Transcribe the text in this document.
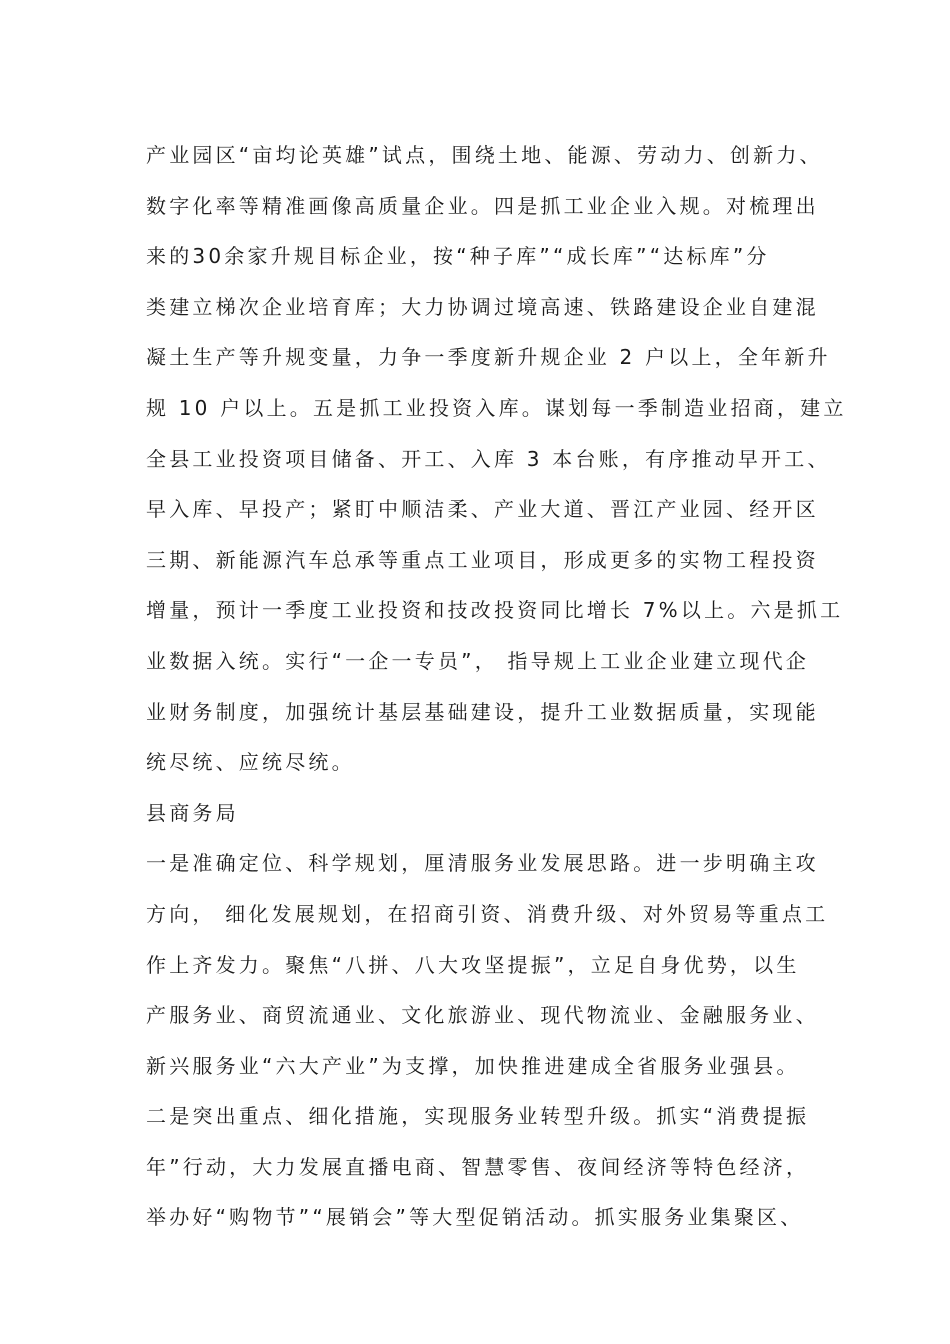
产业园区“亩均论英雄”试点，围绕土地、能源、劳动力、创新力、
数字化率等精准画像高质量企业。四是抓工业企业入规。对梳理出
来的30余家升规目标企业，按“种子库”“成长库”“达标库”分
类建立梯次企业培育库；大力协调过境高速、铁路建设企业自建混
凝土生产等升规变量，力争一季度新升规企业 2 户以上，全年新升
规 10 户以上。五是抓工业投资入库。谋划每一季制造业招商，建立
全县工业投资项目储备、开工、入库 3 本台账，有序推动早开工、
早入库、早投产；紧盯中顺洁柔、产业大道、晋江产业园、经开区
三期、新能源汽车总承等重点工业项目，形成更多的实物工程投资
增量，预计一季度工业投资和技改投资同比增长 7%以上。六是抓工
业数据入统。实行“一企一专员”， 指导规上工业企业建立现代企
业财务制度，加强统计基层基础建设，提升工业数据质量，实现能
统尽统、应统尽统。
县商务局
一是准确定位、科学规划，厘清服务业发展思路。进一步明确主攻
方向， 细化发展规划，在招商引资、消费升级、对外贸易等重点工
作上齐发力。聚焦“八拼、八大攻坚提振”，立足自身优势，以生
产服务业、商贸流通业、文化旅游业、现代物流业、金融服务业、
新兴服务业“六大产业”为支撑，加快推进建成全省服务业强县。
二是突出重点、细化措施，实现服务业转型升级。抓实“消费提振
年”行动，大力发展直播电商、智慧零售、夜间经济等特色经济，
举办好“购物节”“展销会”等大型促销活动。抓实服务业集聚区、
